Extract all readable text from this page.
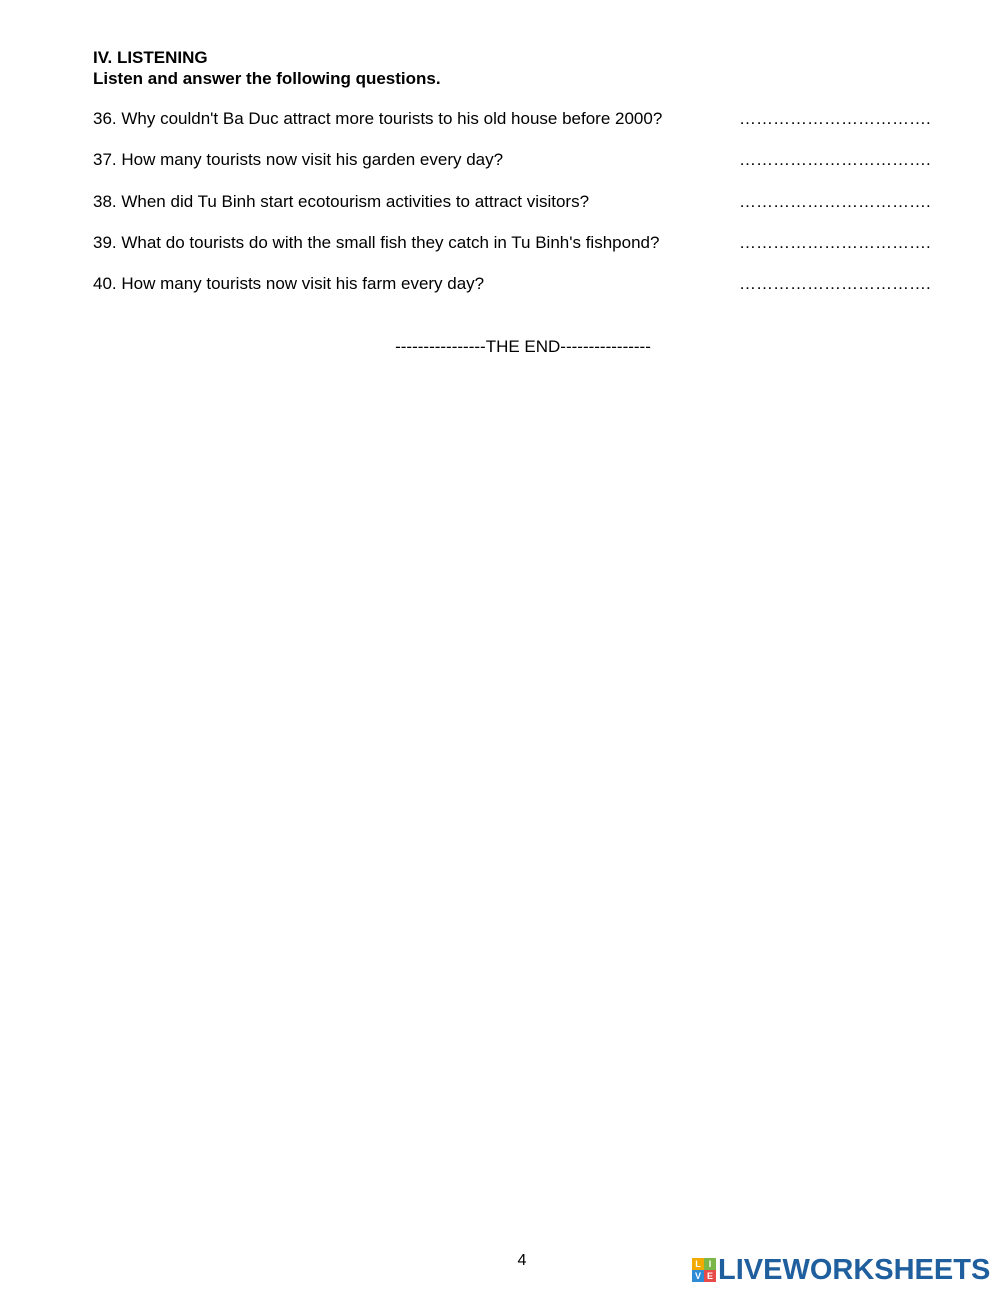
IV. LISTENING

Listen and answer the following questions.

36. Why couldn't Ba Duc attract more tourists to his old house before 2000?	…………………………….
37. How many tourists now visit his garden every day?	…………………………….
38. When did Tu Binh start ecotourism activities to attract visitors?	…………………………….
39. What do tourists do with the small fish they catch in Tu Binh's fishpond?	…………………………….
40. How many tourists now visit his farm every day?	…………………………….
----------------THE END----------------
4	L I
V E LIVEWORKSHEETS
